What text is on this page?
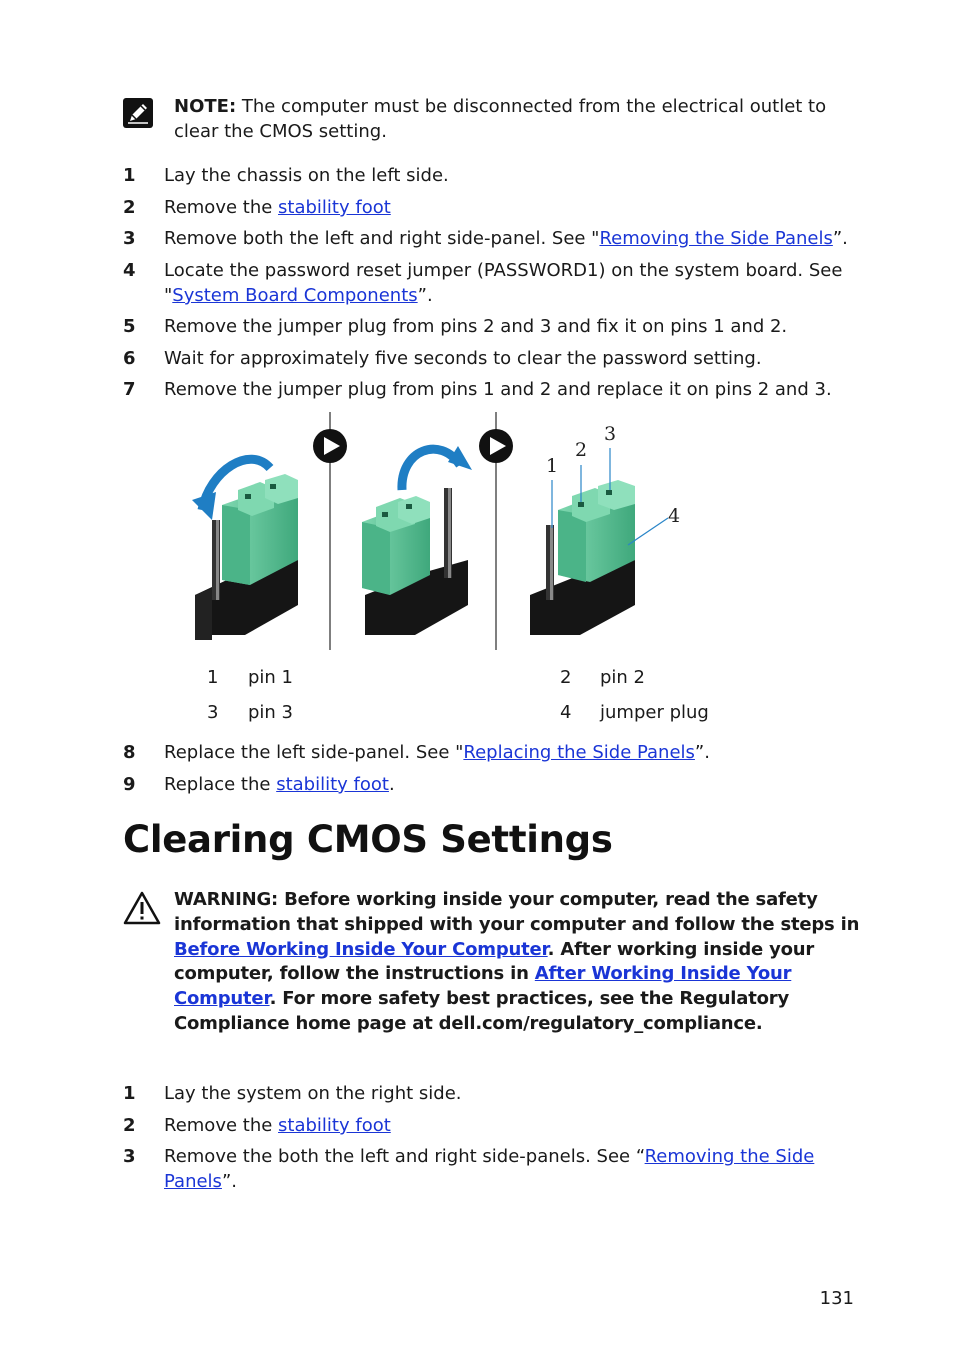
NOTE: The computer must be disconnected from the electrical outlet to clear the CMOS setting.
1	Lay the chassis on the left side.
2	Remove the stability foot
3	Remove both the left and right side-panel. See "Removing the Side Panels”.
4	Locate the password reset jumper (PASSWORD1) on the system board. See "System Board Components”.
5	Remove the jumper plug from pins 2 and 3 and fix it on pins 1 and 2.
6	Wait for approximately five seconds to clear the password setting.
7	Remove the jumper plug from pins 1 and 2 and replace it on pins 2 and 3.
1
2
3
4
1	pin 1	2	pin 2
3	pin 3	4	jumper plug
8	Replace the left side-panel. See "Replacing the Side Panels”.
9	Replace the stability foot.
Clearing CMOS Settings
WARNING: Before working inside your computer, read the safety information that shipped with your computer and follow the steps in Before Working Inside Your Computer. After working inside your computer, follow the instructions in After Working Inside Your Computer. For more safety best practices, see the Regulatory Compliance home page at dell.com/regulatory_compliance.
1	Lay the system on the right side.
2	Remove the stability foot
3	Remove the both the left and right side-panels. See “Removing the Side Panels”.
131
